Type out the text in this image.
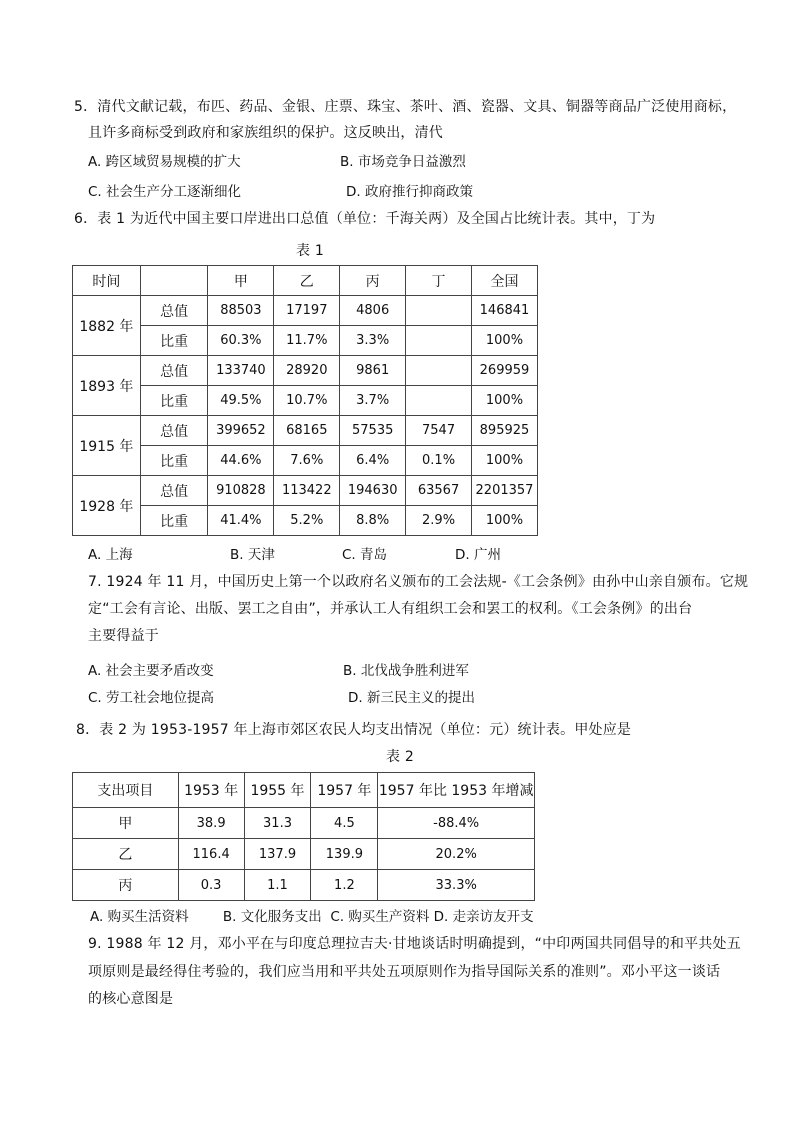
5．清代文献记载，布匹、药品、金银、庄票、珠宝、茶叶、酒、瓷器、文具、铜器等商品广泛使用商标，
且许多商标受到政府和家族组织的保护。这反映出，清代
A. 跨区域贸易规模的扩大	B. 市场竞争日益激烈
C. 社会生产分工逐渐细化	D. 政府推行抑商政策
6．表 1 为近代中国主要口岸进出口总值（单位：千海关两）及全国占比统计表。其中，丁为
表 1
时间		甲	乙	丙	丁	全国
1882 年	总值	88503	17197	4806		146841
	比重	60.3%	11.7%	3.3%		100%
1893 年	总值	133740	28920	9861		269959
	比重	49.5%	10.7%	3.7%		100%
1915 年	总值	399652	68165	57535	7547	895925
	比重	44.6%	7.6%	6.4%	0.1%	100%
1928 年	总值	910828	113422	194630	63567	2201357
	比重	41.4%	5.2%	8.8%	2.9%	100%
A. 上海	B. 天津	C. 青岛	D. 广州
7. 1924 年 11 月，中国历史上第一个以政府名义颁布的工会法规-《工会条例》由孙中山亲自颁布。它规
定“工会有言论、出版、罢工之自由”，并承认工人有组织工会和罢工的权利。《工会条例》的出台
主要得益于
A. 社会主要矛盾改变	B. 北伐战争胜利进军
C. 劳工社会地位提高	D. 新三民主义的提出
8．表 2 为 1953-1957 年上海市郊区农民人均支出情况（单位：元）统计表。甲处应是
表 2
支出项目	1953 年	1955 年	1957 年	1957 年比 1953 年增减
甲	38.9	31.3	4.5	-88.4%
乙	116.4	137.9	139.9	20.2%
丙	0.3	1.1	1.2	33.3%
A. 购买生活资料        B. 文化服务支出  C. 购买生产资料 D. 走亲访友开支
9. 1988 年 12 月，邓小平在与印度总理拉吉夫·甘地谈话时明确提到，“中印两国共同倡导的和平共处五
项原则是最经得住考验的，我们应当用和平共处五项原则作为指导国际关系的准则”。邓小平这一谈话
的核心意图是
